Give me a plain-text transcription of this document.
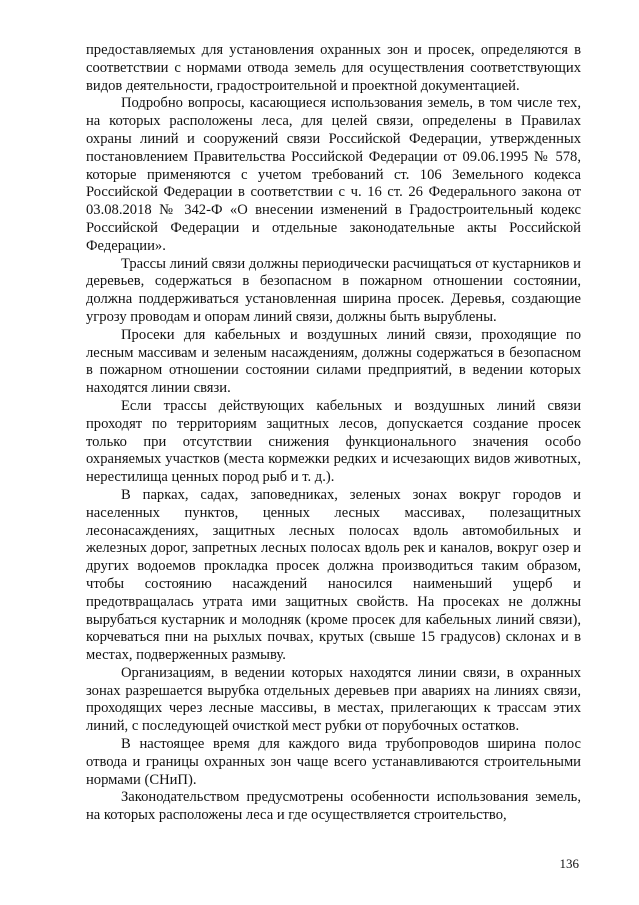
предоставляемых для установления охранных зон и просек, определяются в соответствии с нормами отвода земель для осуществления соответствующих видов деятельности, градостроительной и проектной документацией.

Подробно вопросы, касающиеся использования земель, в том числе тех, на которых расположены леса, для целей связи, определены в Правилах охраны линий и сооружений связи Российской Федерации, утвержденных постановлением Правительства Российской Федерации от 09.06.1995 № 578, которые применяются с учетом требований ст. 106 Земельного кодекса Российской Федерации в соответствии с ч. 16 ст. 26 Федерального закона от 03.08.2018 № 342-Ф «О внесении изменений в Градостроительный кодекс Российской Федерации и отдельные законодательные акты Российской Федерации».

Трассы линий связи должны периодически расчищаться от кустарников и деревьев, содержаться в безопасном в пожарном отношении состоянии, должна поддерживаться установленная ширина просек. Деревья, создающие угрозу проводам и опорам линий связи, должны быть вырублены.

Просеки для кабельных и воздушных линий связи, проходящие по лесным массивам и зеленым насаждениям, должны содержаться в безопасном в пожарном отношении состоянии силами предприятий, в ведении которых находятся линии связи.

Если трассы действующих кабельных и воздушных линий связи проходят по территориям защитных лесов, допускается создание просек только при отсутствии снижения функционального значения особо охраняемых участков (места кормежки редких и исчезающих видов животных, нерестилища ценных пород рыб и т. д.).

В парках, садах, заповедниках, зеленых зонах вокруг городов и населенных пунктов, ценных лесных массивах, полезащитных лесонасаждениях, защитных лесных полосах вдоль автомобильных и железных дорог, запретных лесных полосах вдоль рек и каналов, вокруг озер и других водоемов прокладка просек должна производиться таким образом, чтобы состоянию насаждений наносился наименьший ущерб и предотвращалась утрата ими защитных свойств. На просеках не должны вырубаться кустарник и молодняк (кроме просек для кабельных линий связи), корчеваться пни на рыхлых почвах, крутых (свыше 15 градусов) склонах и в местах, подверженных размыву.

Организациям, в ведении которых находятся линии связи, в охранных зонах разрешается вырубка отдельных деревьев при авариях на линиях связи, проходящих через лесные массивы, в местах, прилегающих к трассам этих линий, с последующей очисткой мест рубки от порубочных остатков.

В настоящее время для каждого вида трубопроводов ширина полос отвода и границы охранных зон чаще всего устанавливаются строительными нормами (СНиП).

Законодательством предусмотрены особенности использования земель, на которых расположены леса и где осуществляется строительство,

136
